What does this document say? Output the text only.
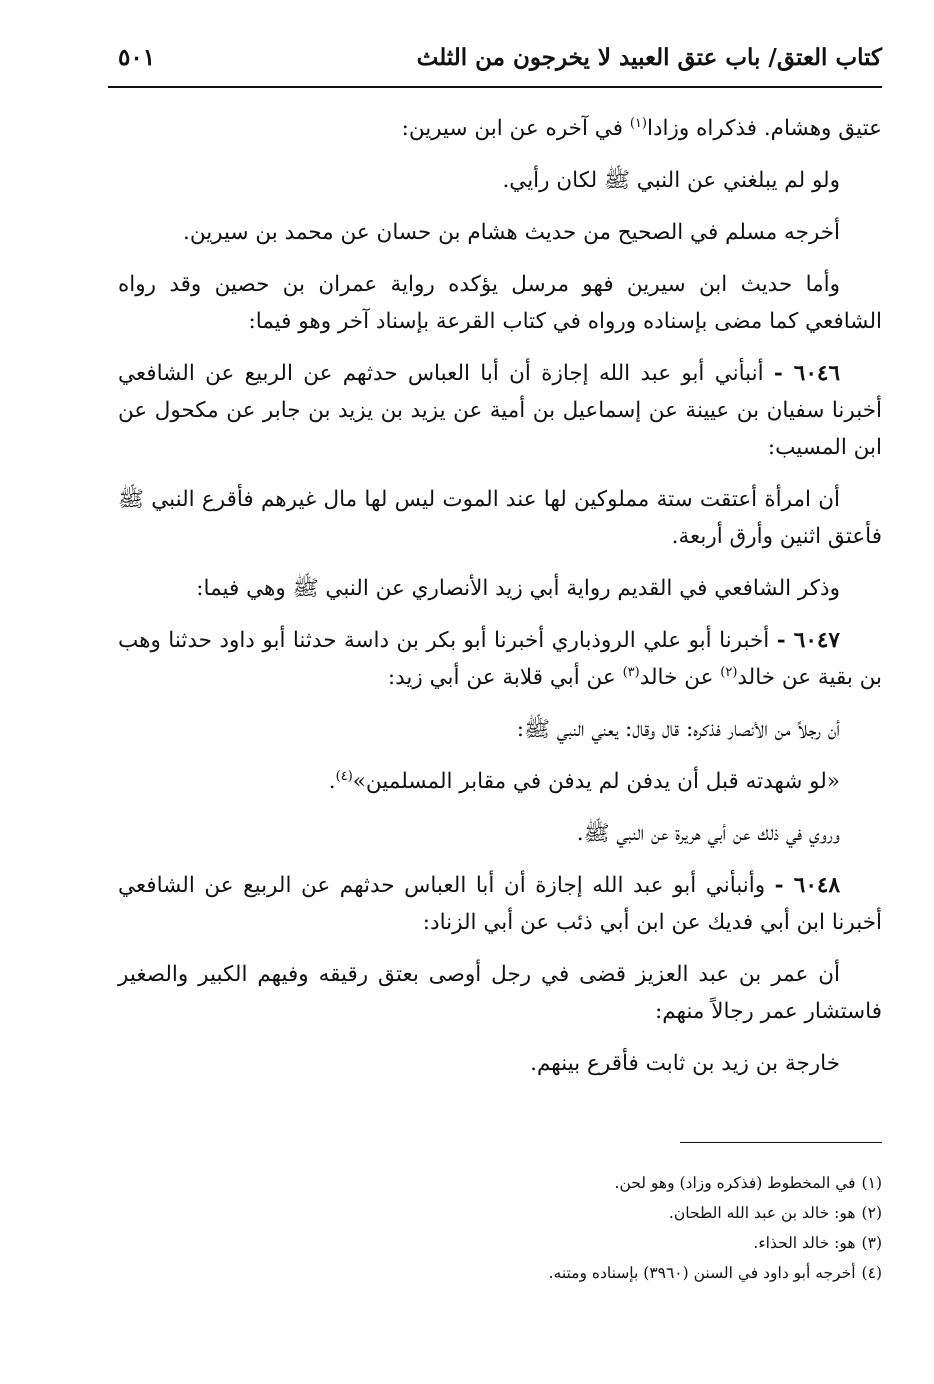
كتاب العتق/ باب عتق العبيد لا يخرجون من الثلث
٥٠١

عتيق وهشام. فذكراه وزادا$^{(١)}$ في آخره عن ابن سيرين:

ولو لم يبلغني عن النبي ﷺ لكان رأيي.

أخرجه مسلم في الصحيح من حديث هشام بن حسان عن محمد بن سيرين.

وأما حديث ابن سيرين فهو مرسل يؤكده رواية عمران بن حصين وقد رواه الشافعي كما مضى بإسناده ورواه في كتاب القرعة بإسناد آخر وهو فيما:

٦٠٤٦ - أنبأني أبو عبد الله إجازة أن أبا العباس حدثهم عن الربيع عن الشافعي أخبرنا سفيان بن عيينة عن إسماعيل بن أمية عن يزيد بن يزيد بن جابر عن مكحول عن ابن المسيب:

أن امرأة أعتقت ستة مملوكين لها عند الموت ليس لها مال غيرهم فأقرع النبي ﷺ فأعتق اثنين وأرق أربعة.

وذكر الشافعي في القديم رواية أبي زيد الأنصاري عن النبي ﷺ وهي فيما:

٦٠٤٧ - أخبرنا أبو علي الروذباري أخبرنا أبو بكر بن داسة حدثنا أبو داود حدثنا وهب بن بقية عن خالد$^{(٢)}$ عن خالد$^{(٣)}$ عن أبي قلابة عن أبي زيد:

أن رجلاً من الأنصار فذكره: قال وقال: يعني النبي ﷺ:

«لو شهدته قبل أن يدفن لم يدفن في مقابر المسلمين»$^{(٤)}$.

وروي في ذلك عن أبي هريرة عن النبي ﷺ.

٦٠٤٨ - وأنبأني أبو عبد الله إجازة أن أبا العباس حدثهم عن الربيع عن الشافعي أخبرنا ابن أبي فديك عن ابن أبي ذئب عن أبي الزناد:

أن عمر بن عبد العزيز قضى في رجل أوصى بعتق رقيقه وفيهم الكبير والصغير فاستشار عمر رجالاً منهم:

خارجة بن زيد بن ثابت فأقرع بينهم.

(١)في المخطوط (فذكره وزاد) وهو لحن.

(٢)هو: خالد بن عبد الله الطحان.

(٣)هو: خالد الحذاء.

(٤)أخرجه أبو داود في السنن (٣٩٦٠) بإسناده ومتنه.
